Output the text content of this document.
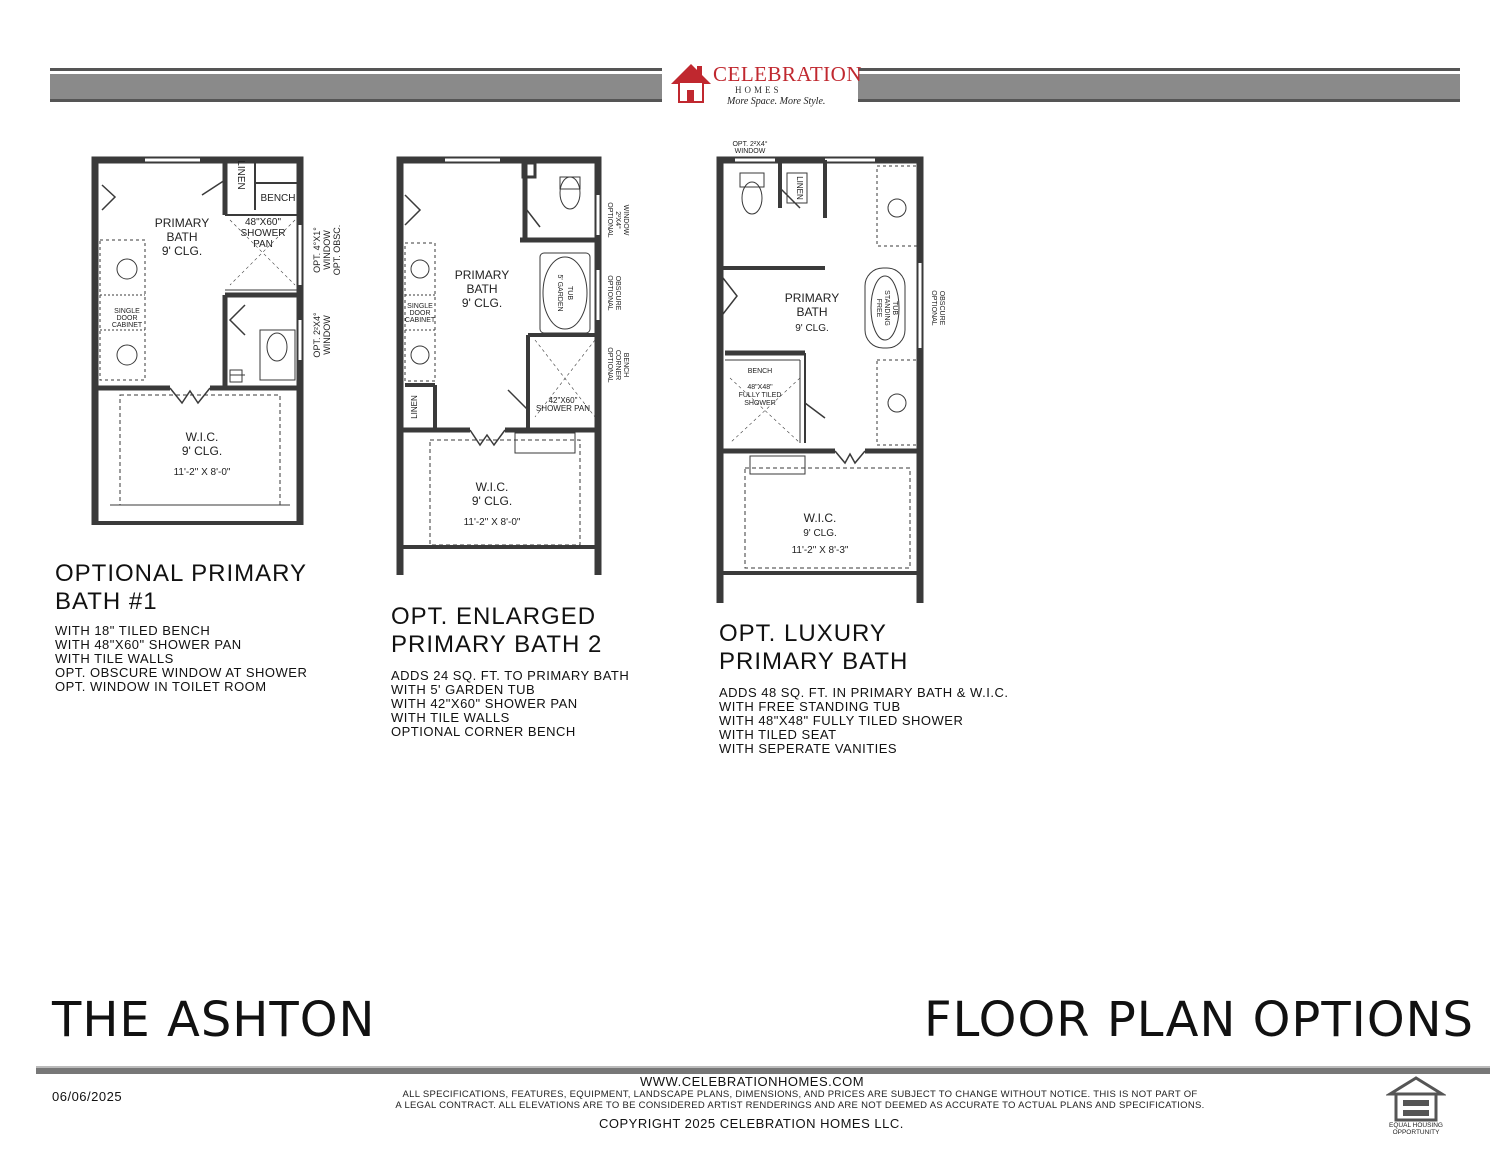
CELEBRATION
HOMES
More Space. More Style.
PRIMARY
BATH
9' CLG.
LINEN
BENCH
48"X60"
SHOWER
PAN
SINGLE
DOOR
CABINET
OPT. 4°X1° WINDOW OPT. OBSC.
OPT. 2²X4° WINDOW
W.I.C.
9' CLG.
11'-2" X 8'-0"
PRIMARY
BATH
9' CLG.
SINGLE
DOOR
CABINET
LINEN
5' GARDEN TUB
42"X60"
SHOWER PAN
OPTIONAL 2²X4° WINDOW
OPTIONAL OBSCURE
OPTIONAL CORNER BENCH
W.I.C.
9' CLG.
11'-2" X 8'-0"
OPT. 2²X4°
WINDOW
LINEN
PRIMARY
BATH
9' CLG.
FREE STANDING TUB	OPTIONAL OBSCURE
BENCH
48"X48"
FULLY TILED
SHOWER
W.I.C.
9' CLG.
11'-2" X 8'-3"
OPTIONAL PRIMARY
BATH #1
WITH 18" TILED BENCH
WITH 48"X60" SHOWER PAN
WITH TILE WALLS
OPT. OBSCURE WINDOW AT SHOWER
OPT. WINDOW IN TOILET ROOM
OPT. ENLARGED
PRIMARY BATH 2
ADDS 24 SQ. FT. TO PRIMARY BATH
WITH 5' GARDEN TUB
WITH 42"X60" SHOWER PAN
WITH TILE WALLS
OPTIONAL CORNER BENCH
OPT. LUXURY
PRIMARY BATH
ADDS 48 SQ. FT. IN PRIMARY BATH & W.I.C.
WITH FREE STANDING TUB
WITH 48"X48" FULLY TILED SHOWER
WITH TILED SEAT
WITH SEPERATE VANITIES
THE ASHTON	FLOOR PLAN OPTIONS
06/06/2025
WWW.CELEBRATIONHOMES.COM
ALL SPECIFICATIONS, FEATURES, EQUIPMENT, LANDSCAPE PLANS, DIMENSIONS, AND PRICES ARE SUBJECT TO CHANGE WITHOUT NOTICE. THIS IS NOT PART OF
A LEGAL CONTRACT. ALL ELEVATIONS ARE TO BE CONSIDERED ARTIST RENDERINGS AND ARE NOT DEEMED AS ACCURATE TO ACTUAL PLANS AND SPECIFICATIONS.
COPYRIGHT 2025 CELEBRATION HOMES LLC.	EQUAL HOUSING
OPPORTUNITY
